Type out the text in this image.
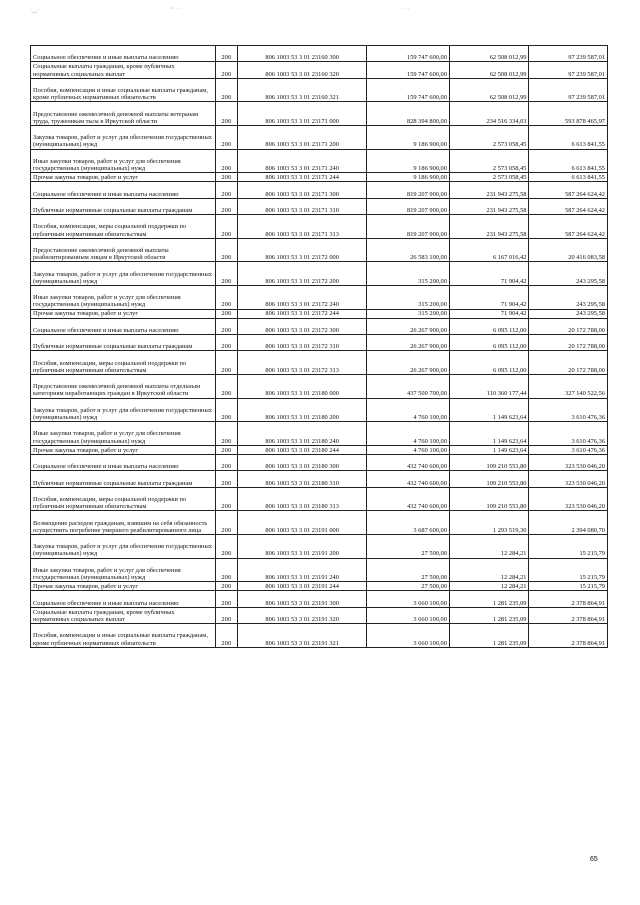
·‿·	~ · ·	· · ·
Социальное обеспечение и иные выплаты населению	200	806 1003 53 3 01 23160 300	159 747 600,00	62 508 012,99	97 239 587,01
Социальные выплаты гражданам, кроме публичных нормативных социальных выплат	200	806 1003 53 3 01 23160 320	159 747 600,00	62 508 012,99	97 239 587,01
Пособия, компенсации и иные социальные выплаты гражданам, кроме публичных нормативных обязательств	200	806 1003 53 3 01 23160 321	159 747 600,00	62 508 012,99	97 239 587,01
Предоставление ежемесячной денежной выплаты ветеранам труда, труженикам тыла в Иркутской области	200	806 1003 53 3 01 23171 000	828 394 800,00	234 516 334,03	593 878 465,97
Закупка товаров, работ и услуг для обеспечения государственных (муниципальных) нужд	200	806 1003 53 3 01 23171 200	9 186 900,00	2 573 058,45	6 613 841,55
Иные закупки товаров, работ и услуг для обеспечения государственных (муниципальных) нужд	200	806 1003 53 3 01 23171 240	9 186 900,00	2 573 058,45	6 613 841,55
Прочая закупка товаров, работ и услуг	200	806 1003 53 3 01 23171 244	9 186 900,00	2 573 058,45	6 613 841,55
Социальное обеспечение и иные выплаты населению	200	806 1003 53 3 01 23171 300	819 207 900,00	231 943 275,58	587 264 624,42
Публичные нормативные социальные выплаты гражданам	200	806 1003 53 3 01 23171 310	819 207 900,00	231 943 275,58	587 264 624,42
Пособия, компенсации, меры социальной поддержки по публичным нормативным обязательствам	200	806 1003 53 3 01 23171 313	819 207 900,00	231 943 275,58	587 264 624,42
Предоставление ежемесячной денежной выплаты реабилитированным лицам в Иркутской области	200	806 1003 53 3 01 23172 000	26 583 100,00	6 167 016,42	20 416 083,58
Закупка товаров, работ и услуг для обеспечения государственных (муниципальных) нужд	200	806 1003 53 3 01 23172 200	315 200,00	71 904,42	243 295,58
Иные закупки товаров, работ и услуг для обеспечения государственных (муниципальных) нужд	200	806 1003 53 3 01 23172 240	315 200,00	71 904,42	243 295,58
Прочая закупка товаров, работ и услуг	200	806 1003 53 3 01 23172 244	315 200,00	71 904,42	243 295,58
Социальное обеспечение и иные выплаты населению	200	806 1003 53 3 01 23172 300	26 267 900,00	6 095 112,00	20 172 788,00
Публичные нормативные социальные выплаты гражданам	200	806 1003 53 3 01 23172 310	26 267 900,00	6 095 112,00	20 172 788,00
Пособия, компенсации, меры социальной поддержки по публичным нормативным обязательствам	200	806 1003 53 3 01 23172 313	26 267 900,00	6 095 112,00	20 172 788,00
Предоставление ежемесячной денежной выплаты отдельным категориям неработающих граждан в Иркутской области	200	806 1003 53 3 01 23180 000	437 500 700,00	110 360 177,44	327 140 522,56
Закупка товаров, работ и услуг для обеспечения государственных (муниципальных) нужд	200	806 1003 53 3 01 23180 200	4 760 100,00	1 149 623,64	3 610 476,36
Иные закупки товаров, работ и услуг для обеспечения государственных (муниципальных) нужд	200	806 1003 53 3 01 23180 240	4 760 100,00	1 149 623,64	3 610 476,36
Прочая закупка товаров, работ и услуг	200	806 1003 53 3 01 23180 244	4 760 100,00	1 149 623,64	3 610 476,36
Социальное обеспечение и иные выплаты населению	200	806 1003 53 3 01 23180 300	432 740 600,00	109 210 553,80	323 530 046,20
Публичные нормативные социальные выплаты гражданам	200	806 1003 53 3 01 23180 310	432 740 600,00	109 210 553,80	323 530 046,20
Пособия, компенсации, меры социальной поддержки по публичным нормативным обязательствам	200	806 1003 53 3 01 23180 313	432 740 600,00	109 210 553,80	323 530 046,20
Возмещение расходов гражданам, взявшим на себя обязанность осуществить погребение умершего реабилитированного лица	200	806 1003 53 3 01 23191 000	3 687 600,00	1 293 519,30	2 394 080,70
Закупка товаров, работ и услуг для обеспечения государственных (муниципальных) нужд	200	806 1003 53 3 01 23191 200	27 500,00	12 284,21	15 215,79
Иные закупки товаров, работ и услуг для обеспечения государственных (муниципальных) нужд	200	806 1003 53 3 01 23191 240	27 500,00	12 284,21	15 215,79
Прочая закупка товаров, работ и услуг	200	806 1003 53 3 01 23191 244	27 500,00	12 284,21	15 215,79
Социальное обеспечение и иные выплаты населению	200	806 1003 53 3 01 23191 300	3 660 100,00	1 281 235,09	2 378 864,91
Социальные выплаты гражданам, кроме публичных нормативных социальных выплат	200	806 1003 53 3 01 23191 320	3 660 100,00	1 281 235,09	2 378 864,91
Пособия, компенсации и иные социальные выплаты гражданам, кроме публичных нормативных обязательств	200	806 1003 53 3 01 23191 321	3 660 100,00	1 281 235,09	2 378 864,91
65
